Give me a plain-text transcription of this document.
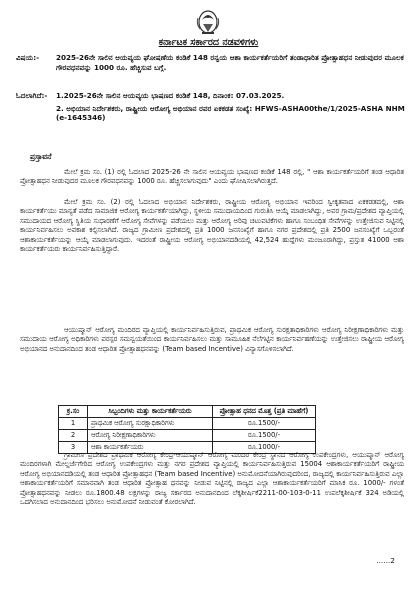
ಕರ್ನಾಟಕ ಸರ್ಕಾರದ ನಡವಳಿಗಳು
ವಿಷಯ:- 2025-26ನೇ ಸಾಲಿನ ಆಯವ್ಯಯ ಘೋಷಣೆಯ ಕಂಡಿಕೆ 148 ರನ್ವಯ ಆಶಾ ಕಾರ್ಯಕರ್ತೆಯರಿಗೆ ತಂಡಾಧಾರಿತ ಪ್ರೋತ್ಸಾಹಧನ ನೀಡುವುದರ ಮೂಲಕ ಗೌರವಧನವನ್ನು 1000 ರೂ. ಹೆಚ್ಚಿಸುವ ಬಗ್ಗೆ.
ಓದಲಾಗಿದೆ:- 1.2025-26ನೇ ಸಾಲಿನ ಆಯವ್ಯಯ ಭಾಷಣದ ಕಂಡಿಕೆ 148, ದಿನಾಂಕ: 07.03.2025.
2. ಅಭಿಯಾನ ನಿರ್ದೇಶಕರು, ರಾಷ್ಟ್ರೀಯ ಆರೋಗ್ಯ ಅಭಿಯಾನ ರವರ ಏಕಕಡತ ಸಂಖ್ಯೆ: HFWS-ASHA00the/1/2025-ASHA NHM (e-1645346)
ಪ್ರಸ್ತಾವನೆ
ಮೇಲೆ ಕ್ರಮ ಸಂ. (1) ರಲ್ಲಿ ಓದಲಾದ 2025-26 ನೇ ಸಾಲಿನ ಆಯವ್ಯಯ ಭಾಷಣದ ಕಂಡಿಕೆ 148 ರಲ್ಲಿ, " ಆಶಾ ಕಾರ್ಯಕರ್ತೆಯರಿಗೆ ತಂಡ ಆಧಾರಿತ ಪ್ರೋತ್ಸಾಹಧನ ನೀಡುವುದರ ಮೂಲಕ ಗೌರವಧನವನ್ನು 1000 ರೂ. ಹೆಚ್ಚಿಸಲಾಗುವುದು" ಎಂದು ಘೋಷಿಸಲಾಗಿರುತ್ತದೆ.
ಮೇಲೆ ಕ್ರಮ ಸಂ. (2) ರಲ್ಲಿ ಓದಲಾದ ಅಭಿಯಾನ ನಿರ್ದೇಶಕರು, ರಾಷ್ಟ್ರೀಯ ಆರೋಗ್ಯ ಅಭಿಯಾನ ಇವರಿಂದ ಸ್ವೀಕೃತವಾದ ಏಕಕಡತದಲ್ಲಿ, ಆಶಾ ಕಾರ್ಯಕರ್ತೆಯು ಮಾನ್ಯತೆ ಪಡೆದ ಸಾಮಾಜಿಕ ಆರೋಗ್ಯ ಕಾರ್ಯಕರ್ತೆಯಾಗಿದ್ದು, ಸ್ಥಳೀಯ ಸಮುದಾಯದಿಂದ ಗುರುತಿಸಿ ಆಯ್ಕೆ ಮಾಡಲಾಗಿದ್ದು, ಅವರ ಗ್ರಾಮ/ಪ್ರದೇಶದ ವ್ಯಾಪ್ತಿಯಲ್ಲಿ ಸಮುದಾಯದ ಆರೋಗ್ಯ ಸ್ಥಿತಿಯ ಸುಧಾರಣೆಗೆ ಆರೋಗ್ಯ ಸೇವೆಗಳನ್ನು ಪಡೆಯಲು ಮತ್ತು ಆರೋಗ್ಯ ಅರಿವು ಚಟುವಟಿಕೆಗಳು ಹಾಗೂ ಸಂಬಂಧಿತ ಸೇವೆಗಳನ್ನು ಉತ್ತೇಜಿಸುವ ನಿಟ್ಟಿನಲ್ಲಿ ಕಾರ್ಯನಿರ್ವಹಿಸಲು ಅವಕಾಶ ಕಲ್ಪಿಸಲಾಗಿದೆ. ರಾಜ್ಯದ ಗ್ರಾಮೀಣ ಪ್ರದೇಶದಲ್ಲಿ ಪ್ರತಿ 1000 ಜನಸಂಖ್ಯೆಗೆ ಹಾಗೂ ನಗರ ಪ್ರದೇಶದಲ್ಲಿ ಪ್ರತಿ 2500 ಜನಸಂಖ್ಯೆಗೆ ಒಬ್ಬರಂತೆ ಆಶಾಕಾರ್ಯಕರ್ತೆಯನ್ನು ಆಯ್ಕೆ ಮಾಡಲಾಗುವುದು. ಇದರಂತೆ ರಾಷ್ಟ್ರೀಯ ಆರೋಗ್ಯ ಅಭಿಯಾನದಡಿಯಲ್ಲಿ 42,524 ಹುದ್ದೆಗಳು ಮಂಜೂರಾಗಿದ್ದು, ಪ್ರಸ್ತುತ 41000 ಆಶಾ ಕಾರ್ಯಕರ್ತೆಯರು ಕಾರ್ಯನಿರ್ವಹಿಸುತ್ತಿದ್ದಾರೆ.
ಆಯುಷ್ಮಾನ್ ಆರೋಗ್ಯ ಮಂದಿರದ ವ್ಯಾಪ್ತಿಯಲ್ಲಿ ಕಾರ್ಯನಿರ್ವಹಿಸುತ್ತಿರುವ, ಪ್ರಾಥಮಿಕ ಆರೋಗ್ಯ ಸುರಕ್ಷತಾಧಿಕಾರಿಗಳು ಆರೋಗ್ಯ ನಿರೀಕ್ಷಣಾಧಿಕಾರಿಗಳು ಮತ್ತು ಸಮುದಾಯ ಆರೋಗ್ಯ ಅಧಿಕಾರಿಗಳು ಪರಸ್ಪರ ಸಮನ್ವಯತೆಯಿಂದ ಕಾರ್ಯನಿರ್ವಹಿಸಲು ಮತ್ತು ಸಾಮೂಹಿಕ ನೆಲೆಗಟ್ಟಿನ ಕಾರ್ಯನಿರ್ವಹಣೆಯನ್ನು ಉತ್ತೇಜಿಸಲು ರಾಷ್ಟ್ರೀಯ ಆರೋಗ್ಯ ಅಭಿಯಾನದ ಅನುದಾನದಿಂದ ತಂಡ ಆಧಾರಿತ ಪ್ರೋತ್ಸಾಹಧನವನ್ನು (Team based Incentive) ವಿನ್ಯಾಸಗೊಳಿಸಲಾಗಿದೆ.
ಕ್ರ.ಸಂ	ಸಿಬ್ಬಂದಿಗಳು ಮತ್ತು ಕಾರ್ಯಕರ್ತೆಯರು	ಪ್ರೋತ್ಸಾಹ ಧನದ ಮೊತ್ತ (ಪ್ರತಿ ಮಾಹೆಗೆ)
1	ಪ್ರಾಥಮಿಕ ಆರೋಗ್ಯ ಸುರಕ್ಷಾಧಿಕಾರಿಗಳು	ರೂ.1500/-
2	ಆರೋಗ್ಯ ನಿರೀಕ್ಷಣಾಧಿಕಾರಿಗಳು	ರೂ.1500/-
3	ಆಶಾ ಕಾರ್ಯಕರ್ತೆಯರು	ರೂ.1000/-
ಗ್ರಾಮೀಣ ಪ್ರದೇಶದ ಪ್ರಾಥಮಿಕ ಆರೋಗ್ಯ ಕೇಂದ್ರ-ಆಯುಷ್ಮಾನ್ ಆರೋಗ್ಯ ಮಂದಿರ ಕೇಂದ್ರ ಸ್ಥಾನದ ಆರೋಗ್ಯ ಉಪಕೇಂದ್ರಗಳು, ಆಯುಷ್ಮಾನ್ ಆರೋಗ್ಯ ಮಂದಿರಗಳಾಗಿ ಮೇಲ್ದರ್ಜೆಗೇರಿದ ಆರೋಗ್ಯ ಉಪಕೇಂದ್ರಗಳು ಮತ್ತು ನಗರ ಪ್ರದೇಶದ ವ್ಯಾಪ್ತಿಯಲ್ಲಿ ಕಾರ್ಯನಿರ್ವಹಿಸುತ್ತಿರುವ 15004 ಆಶಾಕಾರ್ಯಕರ್ತೆಯರಿಗೆ ರಾಷ್ಟ್ರೀಯ ಆರೋಗ್ಯ ಅಭಿಯಾನದಡಿಯಲ್ಲಿ ತಂಡ ಆಧಾರಿತ ಪ್ರೋತ್ಸಾಹಧನ (Team based Incentive) ಅನುಮೋದನೆಯಾಗಿರುವುದರಿಂದ, ರಾಜ್ಯದಲ್ಲಿ ಕಾರ್ಯನಿರ್ವಹಿಸುತ್ತಿರುವ ಎಲ್ಲಾ ಆಶಾಕಾರ್ಯಕರ್ತೆಯರಿಗೆ ಸಮಾನವಾಗಿ ತಂಡ ಆಧಾರಿತ ಪ್ರೋತ್ಸಾಹ ಧನವನ್ನು ನೀಡುವ ನಿಟ್ಟಿನಲ್ಲಿ ರಾಜ್ಯದ ಎಲ್ಲಾ ಆಶಾಕಾರ್ಯಕರ್ತೆಯರಿಗೆ ಮಾಸಿಕ ರೂ. 1000/- ಗಳಂತೆ ಪ್ರೋತ್ಸಾಹಧನವನ್ನು ನೀಡಲು ರೂ.1800.48 ಲಕ್ಷಗಳನ್ನು ರಾಜ್ಯ ಸರ್ಕಾರದ ಅನುದಾನದಿಂದ ಲೆಕ್ಕಶೀರ್ಷಿಕೆ2211-00-103-0-11 ಉಪಲೆಕ್ಕಶೀರ್ಷಿಕೆ 324 ಅಡಿಯಲ್ಲಿ ಒದಗಿಸಲಾದ ಅನುದಾನದಿಂದ ಭರಿಸಲು ಅನುಮೋದನೆ ನೀಡುವಂತೆ ಕೋರಲಾಗಿದೆ.
......2
